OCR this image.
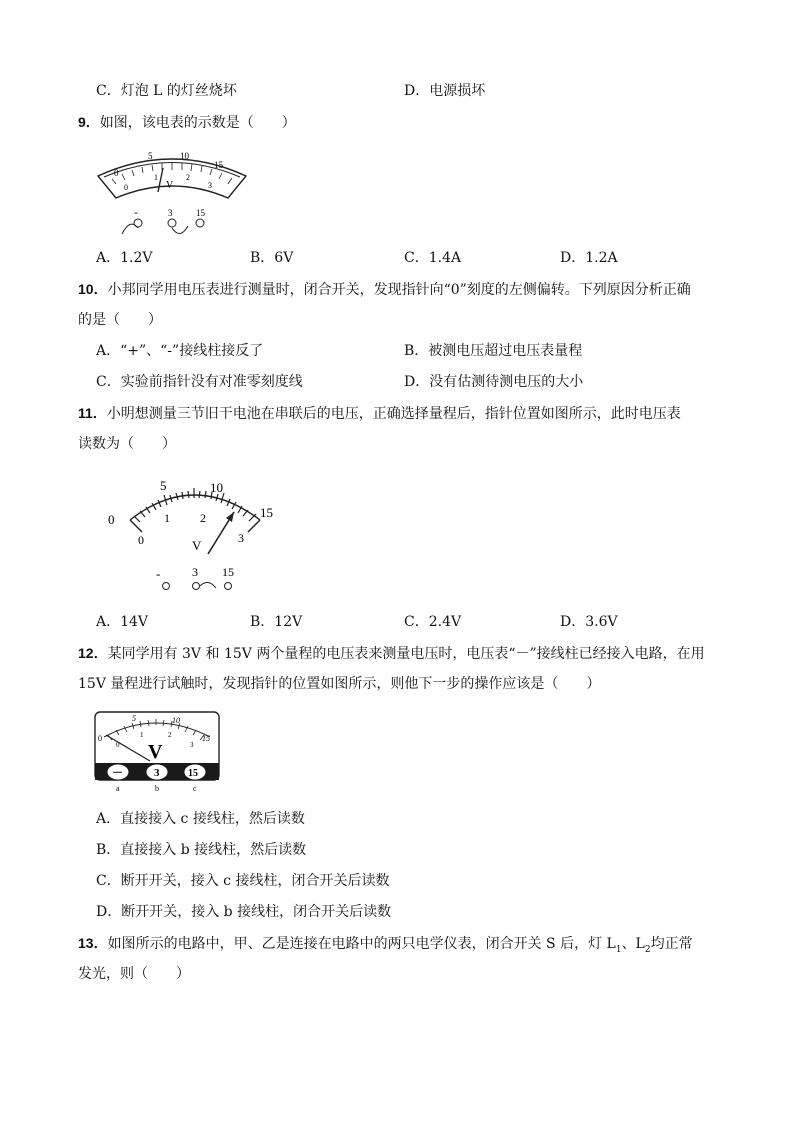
C．灯泡 L 的灯丝烧坏	D．电源损坏
9．如图，该电表的示数是（　　）
5	10
15
0
0
1	2
3
V
-	3	15
A．1.2V	B．6V	C．1.4A	D．1.2A
10．小邦同学用电压表进行测量时，闭合开关，发现指针向“0”刻度的左侧偏转。下列原因分析正确
的是（　　）
A．“+”、“-”接线柱接反了	B．被测电压超过电压表量程
C．实验前指针没有对准零刻度线	D．没有估测待测电压的大小
11．小明想测量三节旧干电池在串联后的电压，正确选择量程后，指针位置如图所示，此时电压表
读数为（　　）
0
5	10
15
0
1	2
3
V
-	3 15
A．14V	B．12V	C．2.4V	D．3.6V
12．某同学用有 3V 和 15V 两个量程的电压表来测量电压时，电压表“－”接线柱已经接入电路，在用
15V 量程进行试触时，发现指针的位置如图所示，则他下一步的操作应该是（　　）
0
5	10
15
0
1	2
3
V
－	3	15
a	b	c
A．直接接入 c 接线柱，然后读数
B．直接接入 b 接线柱，然后读数
C．断开开关，接入 c 接线柱，闭合开关后读数
D．断开开关，接入 b 接线柱，闭合开关后读数
13．如图所示的电路中，甲、乙是连接在电路中的两只电学仪表，闭合开关 S 后，灯 $L_1$、$L_2$均正常
发光，则（　　）
